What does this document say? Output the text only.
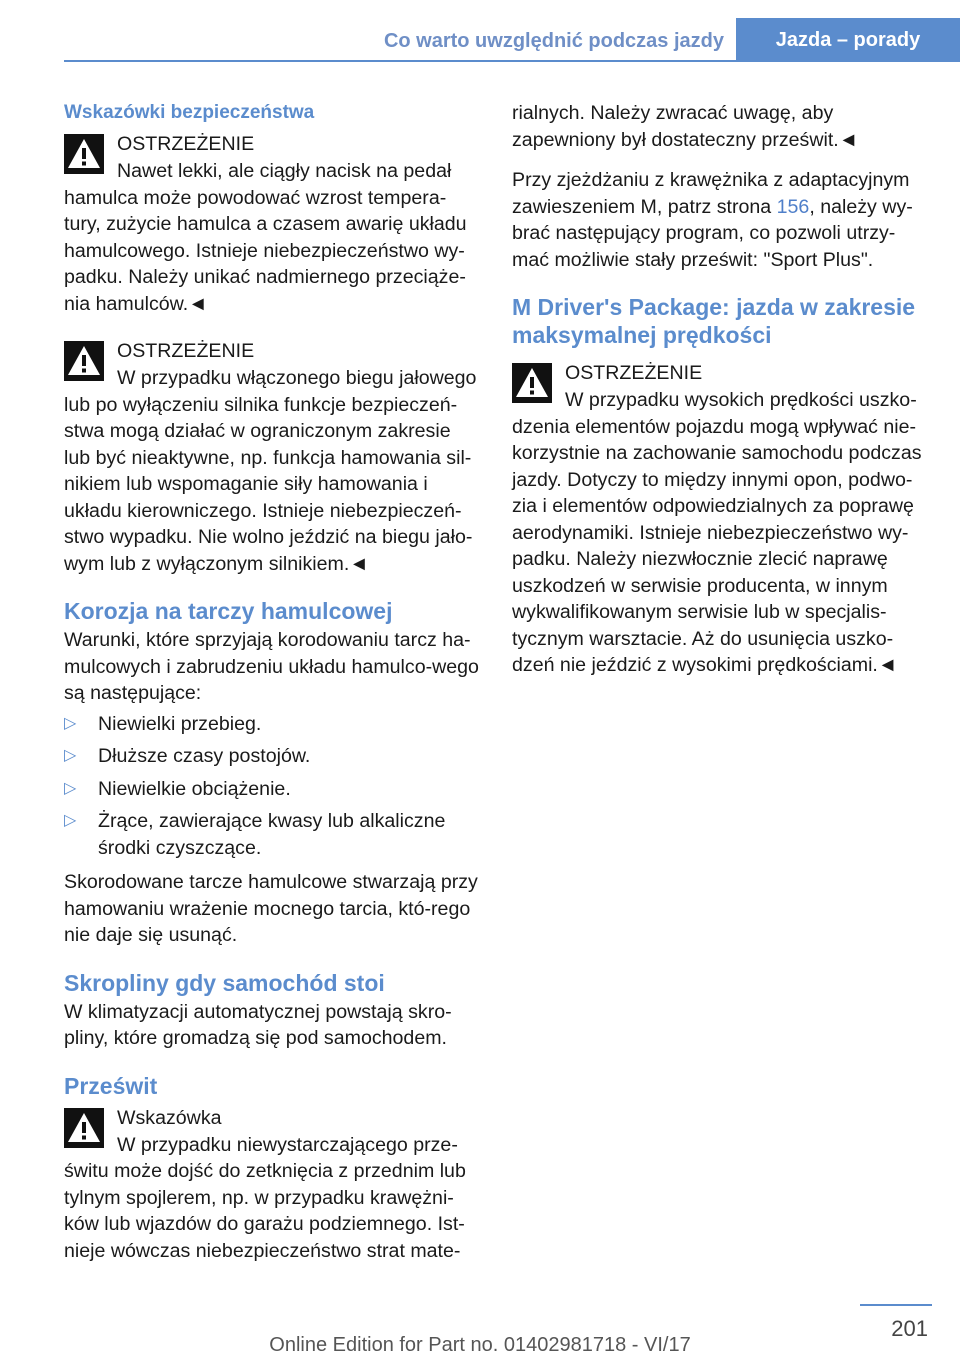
Co warto uwzględnić podczas jazdy	Jazda – porady
Wskazówki bezpieczeństwa
OSTRZEŻENIE
Nawet lekki, ale ciągły nacisk na pedał hamulca może powodować wzrost tempera-tury, zużycie hamulca a czasem awarię układu hamulcowego. Istnieje niebezpieczeństwo wy-padku. Należy unikać nadmiernego przeciąże-nia hamulców.◄
OSTRZEŻENIE
W przypadku włączonego biegu jałowego lub po wyłączeniu silnika funkcje bezpieczeń-stwa mogą działać w ograniczonym zakresie lub być nieaktywne, np. funkcja hamowania sil-nikiem lub wspomaganie siły hamowania i układu kierowniczego. Istnieje niebezpieczeń-stwo wypadku. Nie wolno jeździć na biegu jało-wym lub z wyłączonym silnikiem.◄
Korozja na tarczy hamulcowej
Warunki, które sprzyjają korodowaniu tarcz ha-mulcowych i zabrudzeniu układu hamulco-wego są następujące:
▷ Niewielki przebieg.
▷ Dłuższe czasy postojów.
▷ Niewielkie obciążenie.
▷ Żrące, zawierające kwasy lub alkaliczne środki czyszczące.
Skorodowane tarcze hamulcowe stwarzają przy hamowaniu wrażenie mocnego tarcia, któ-rego nie daje się usunąć.
Skropliny gdy samochód stoi
W klimatyzacji automatycznej powstają skro-pliny, które gromadzą się pod samochodem.
Prześwit
Wskazówka
W przypadku niewystarczającego prze-świtu może dojść do zetknięcia z przednim lub tylnym spojlerem, np. w przypadku krawężni-ków lub wjazdów do garażu podziemnego. Ist-nieje wówczas niebezpieczeństwo strat mate-
rialnych. Należy zwracać uwagę, aby zapewniony był dostateczny prześwit.◄
Przy zjeżdżaniu z krawężnika z adaptacyjnym zawieszeniem M, patrz strona 156, należy wy-brać następujący program, co pozwoli utrzy-mać możliwie stały prześwit: "Sport Plus".
M Driver's Package: jazda w zakresie maksymalnej prędkości
OSTRZEŻENIE
W przypadku wysokich prędkości uszko-dzenia elementów pojazdu mogą wpływać nie-korzystnie na zachowanie samochodu podczas jazdy. Dotyczy to między innymi opon, podwo-zia i elementów odpowiedzialnych za poprawę aerodynamiki. Istnieje niebezpieczeństwo wy-padku. Należy niezwłocznie zlecić naprawę uszkodzeń w serwisie producenta, w innym wykwalifikowanym serwisie lub w specjalis-tycznym warsztacie. Aż do usunięcia uszko-dzeń nie jeździć z wysokimi prędkościami.◄
201
Online Edition for Part no. 01402981718 - VI/17
